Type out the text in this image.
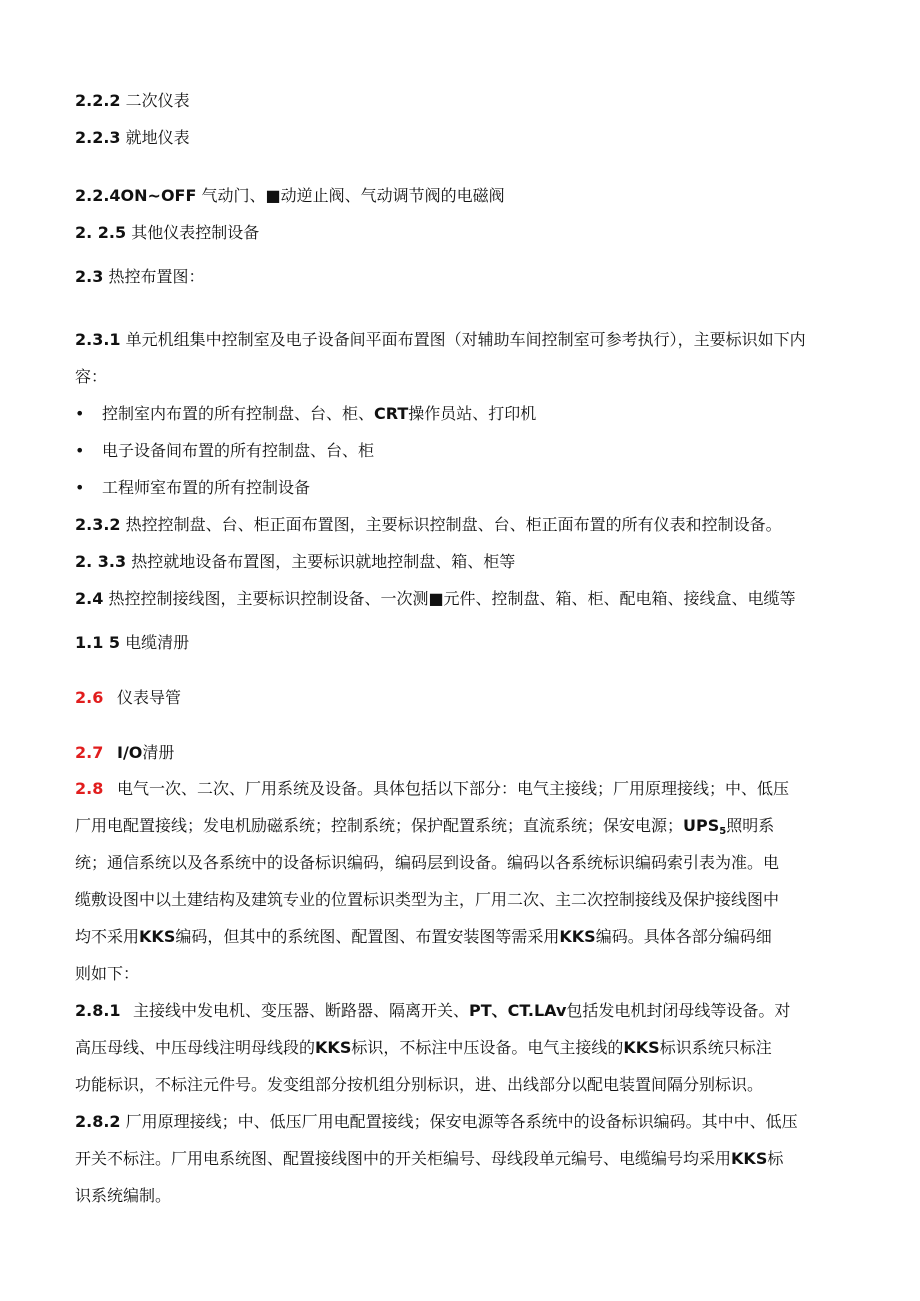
2.2.2 二次仪表
2.2.3 就地仪表
2.2.4ON~OFF 气动门、■动逆止阀、气动调节阀的电磁阀
2. 2.5 其他仪表控制设备
2.3 热控布置图：
2.3.1 单元机组集中控制室及电子设备间平面布置图（对辅助车间控制室可参考执行），主要标识如下内
容：
• 控制室内布置的所有控制盘、台、柜、CRT操作员站、打印机
• 电子设备间布置的所有控制盘、台、柜
• 工程师室布置的所有控制设备
2.3.2 热控控制盘、台、柜正面布置图，主要标识控制盘、台、柜正面布置的所有仪表和控制设备。
2. 3.3 热控就地设备布置图，主要标识就地控制盘、箱、柜等
2.4 热控控制接线图，主要标识控制设备、一次测■元件、控制盘、箱、柜、配电箱、接线盒、电缆等
1.1 5 电缆清册
2.6 仪表导管
2.7 I/O清册
2.8 电气一次、二次、厂用系统及设备。具体包括以下部分：电气主接线；厂用原理接线；中、低压
厂用电配置接线；发电机励磁系统；控制系统；保护配置系统；直流系统；保安电源；$UPS_5$照明系
统；通信系统以及各系统中的设备标识编码，编码层到设备。编码以各系统标识编码索引表为准。电
缆敷设图中以土建结构及建筑专业的位置标识类型为主，厂用二次、主二次控制接线及保护接线图中
均不采用KKS编码，但其中的系统图、配置图、布置安装图等需采用KKS编码。具体各部分编码细
则如下：
2.8.1 主接线中发电机、变压器、断路器、隔离开关、PT、CT.LAv包括发电机封闭母线等设备。对
高压母线、中压母线注明母线段的KKS标识，不标注中压设备。电气主接线的KKS标识系统只标注
功能标识，不标注元件号。发变组部分按机组分别标识，进、出线部分以配电装置间隔分别标识。
2.8.2 厂用原理接线；中、低压厂用电配置接线；保安电源等各系统中的设备标识编码。其中中、低压
开关不标注。厂用电系统图、配置接线图中的开关柜编号、母线段单元编号、电缆编号均采用KKS标
识系统编制。
